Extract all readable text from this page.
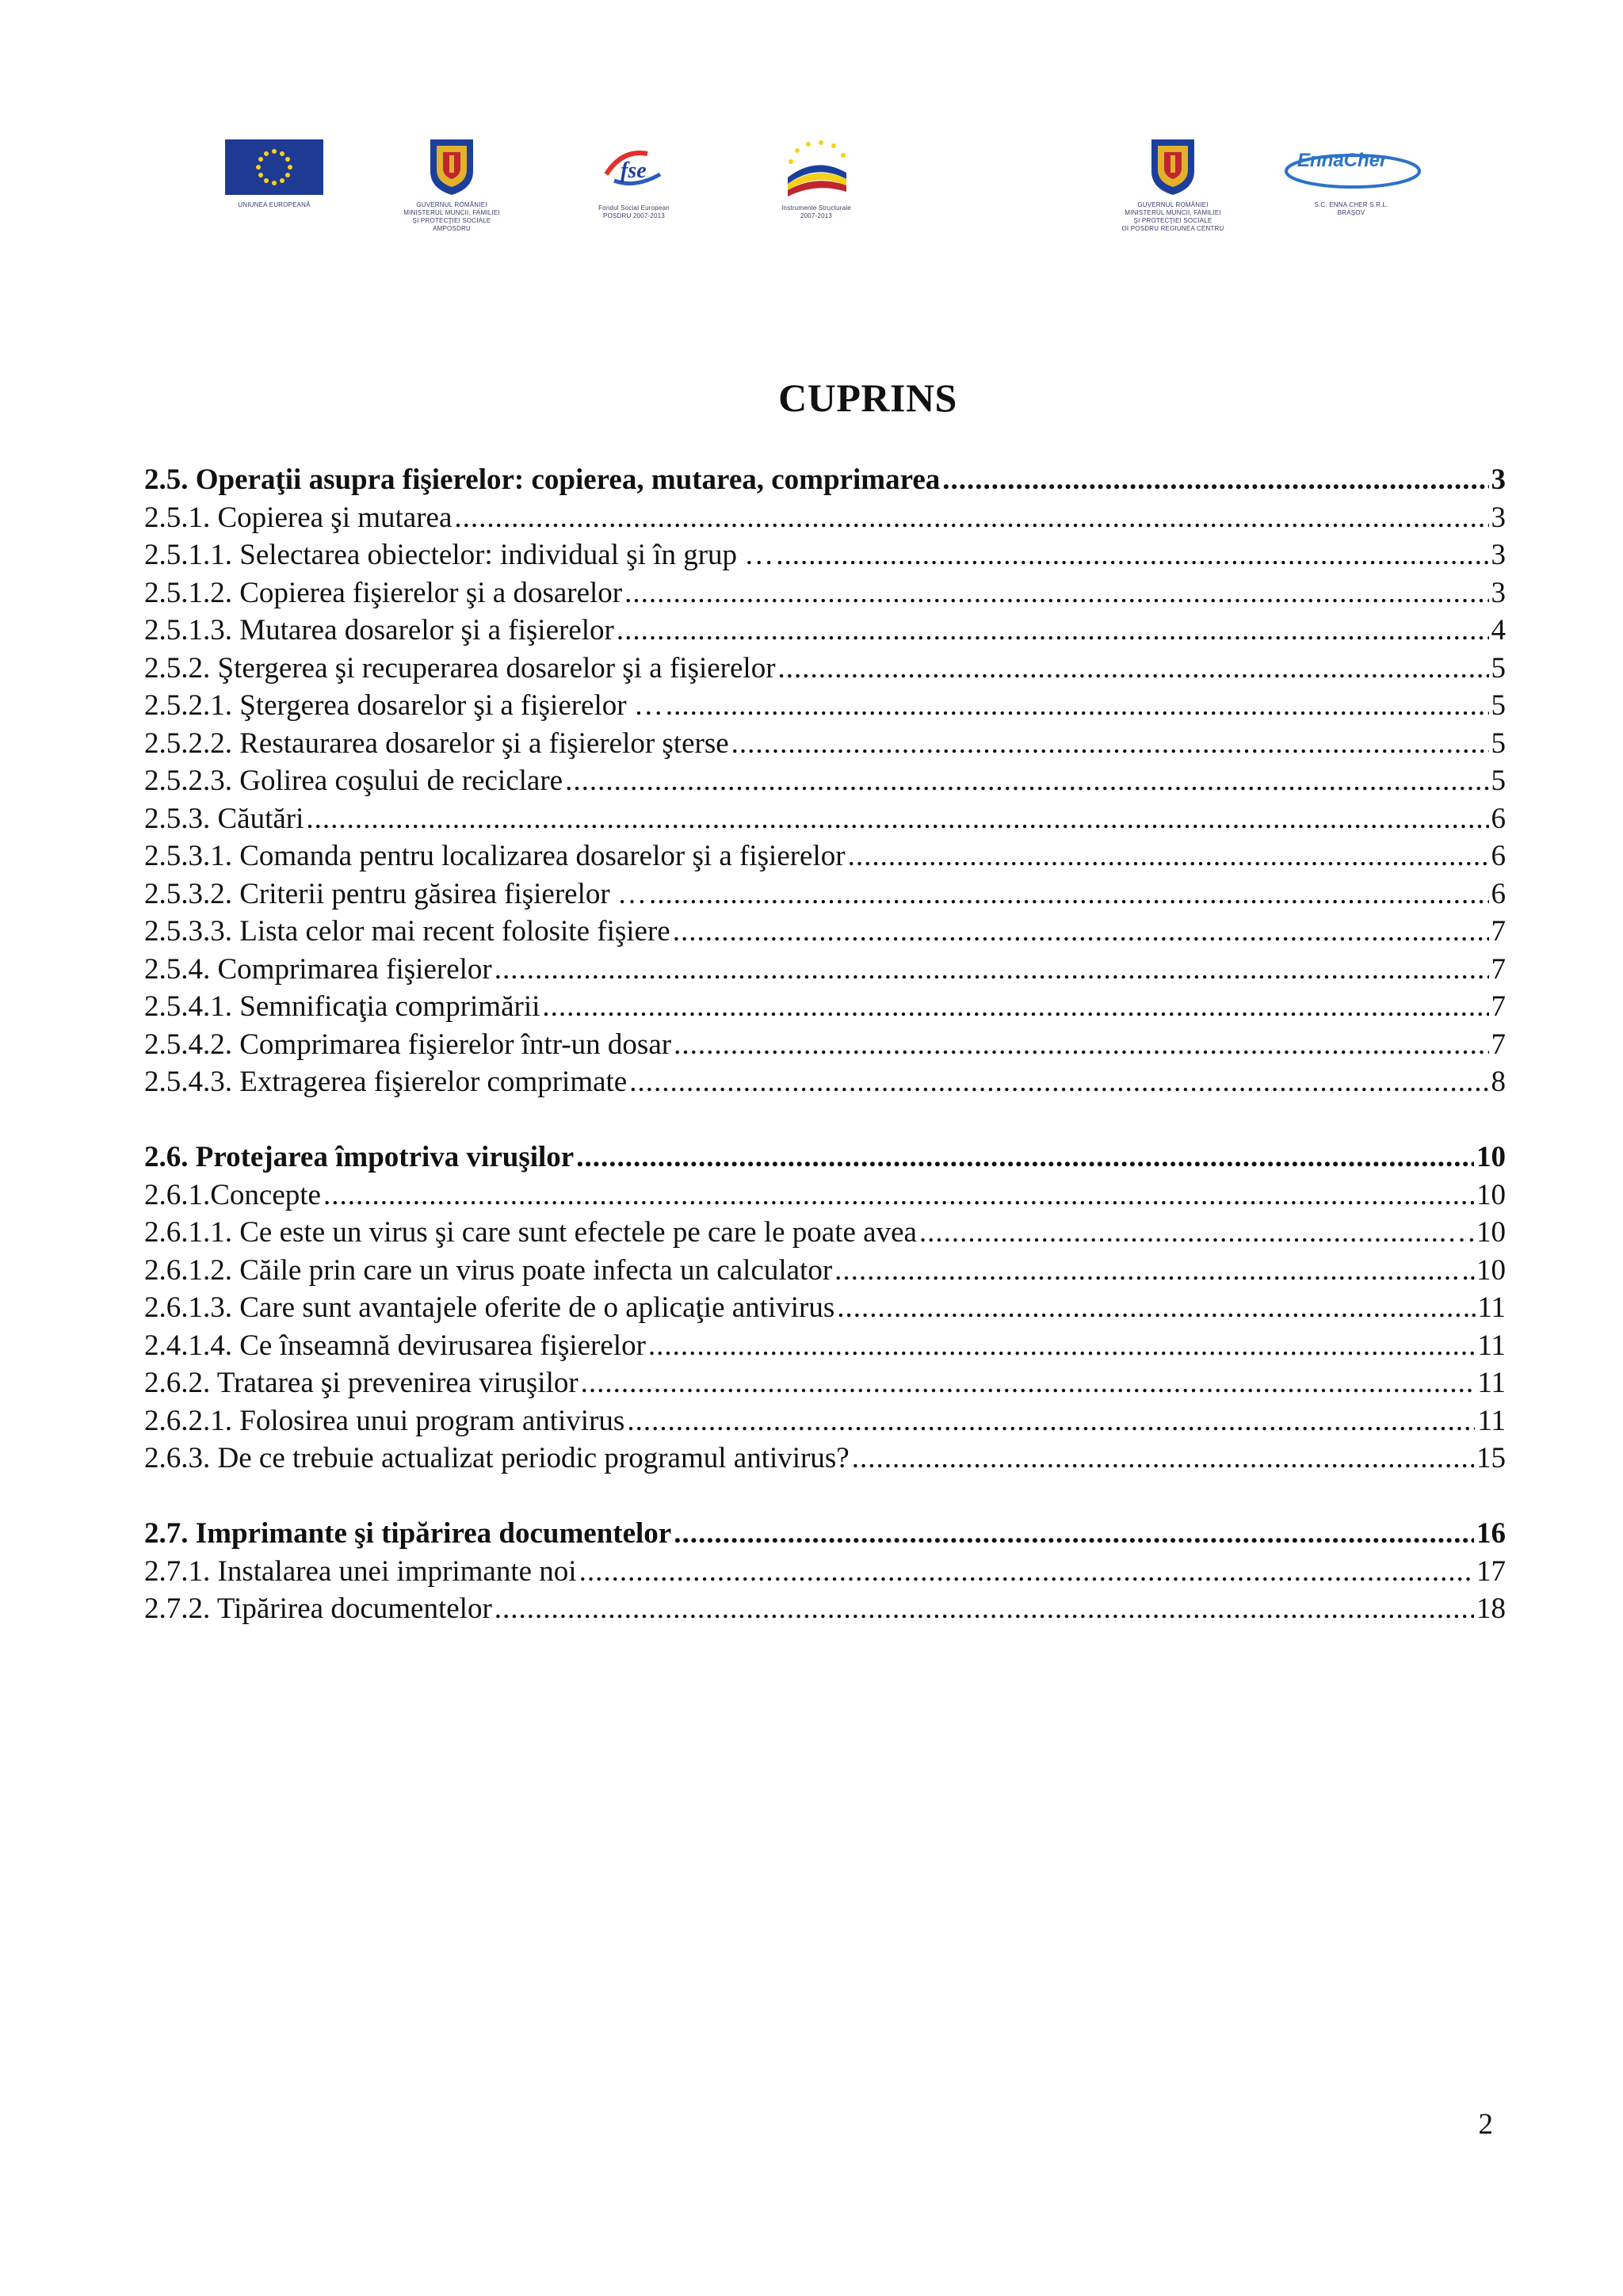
UNIUNEA EUROPEANĂ	GUVERNUL ROMÂNIEI
MINISTERUL MUNCII, FAMILIEI
ŞI PROTECŢIEI SOCIALE
AMPOSDRU
fse
Fondul Social European
POSDRU 2007-2013
Instrumente Structurale
2007-2013
GUVERNUL ROMÂNIEI
MINISTERUL MUNCII, FAMILIEI
ŞI PROTECŢIEI SOCIALE
OI POSDRU REGIUNEA CENTRU
EnnaCher
S.C. ENNA CHER S.R.L.
BRAŞOV
CUPRINS
2.5. Operaţii asupra fişierelor: copierea, mutarea, comprimarea .....	3
2.5.1. Copierea şi mutarea .....	3
2.5.1.1. Selectarea obiectelor: individual şi în grup … .....	3
2.5.1.2. Copierea fişierelor şi a dosarelor .....	3
2.5.1.3. Mutarea dosarelor şi a fişierelor .....	4
2.5.2. Ştergerea şi recuperarea dosarelor şi a fişierelor .....	5
2.5.2.1. Ştergerea dosarelor şi a fişierelor … .....	5
2.5.2.2. Restaurarea dosarelor şi a fişierelor şterse .....	5
2.5.2.3. Golirea coşului de reciclare .....	5
2.5.3. Căutări .....	6
2.5.3.1. Comanda pentru localizarea dosarelor şi a fişierelor .....	6
2.5.3.2. Criterii pentru găsirea fişierelor … .....	6
2.5.3.3. Lista celor mai recent folosite fişiere .....	7
2.5.4. Comprimarea fişierelor .....	7
2.5.4.1. Semnificaţia comprimării .....	7
2.5.4.2. Comprimarea fişierelor într-un dosar .....	7
2.5.4.3. Extragerea fişierelor comprimate .....	8
2.6. Protejarea împotriva viruşilor .....	10
2.6.1.Concepte .....	10
2.6.1.1. Ce este un virus şi care sunt efectele pe care le poate avea .....	…10
2.6.1.2. Căile prin care un virus poate infecta un calculator .....	..10
2.6.1.3. Care sunt avantajele oferite de o aplicaţie antivirus .....	..11
2.4.1.4. Ce înseamnă devirusarea fişierelor .....	11
2.6.2. Tratarea şi prevenirea viruşilor .....	11
2.6.2.1. Folosirea unui program antivirus .....	11
2.6.3. De ce trebuie actualizat periodic programul antivirus? .....	15
2.7. Imprimante şi tipărirea documentelor .....	16
2.7.1. Instalarea unei imprimante noi .....	17
2.7.2. Tipărirea documentelor .....	18
2
